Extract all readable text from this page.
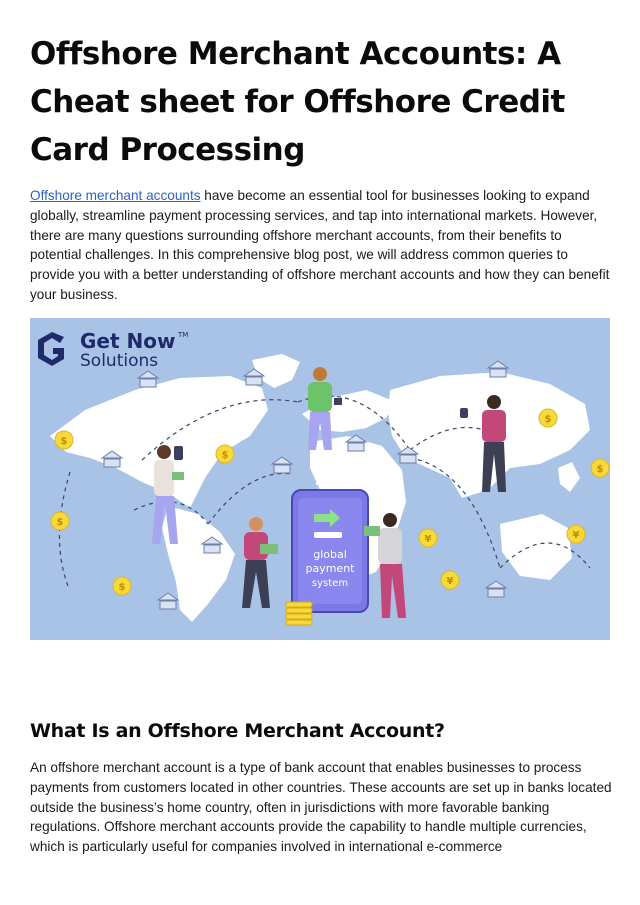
Offshore Merchant Accounts: A Cheat sheet for Offshore Credit Card Processing

Offshore merchant accounts have become an essential tool for businesses looking to expand globally, streamline payment processing services, and tap into international markets. However, there are many questions surrounding offshore merchant accounts, from their benefits to potential challenges. In this comprehensive blog post, we will address common queries to provide you with a better understanding of offshore merchant accounts and how they can benefit your business.

$
$
$
$
¥
¥
¥
$
$
Get Now TM
Solutions
global
payment
system
What Is an Offshore Merchant Account?

An offshore merchant account is a type of bank account that enables businesses to process payments from customers located in other countries. These accounts are set up in banks located outside the business’s home country, often in jurisdictions with more favorable banking regulations. Offshore merchant accounts provide the capability to handle multiple currencies, which is particularly useful for companies involved in international e-commerce
